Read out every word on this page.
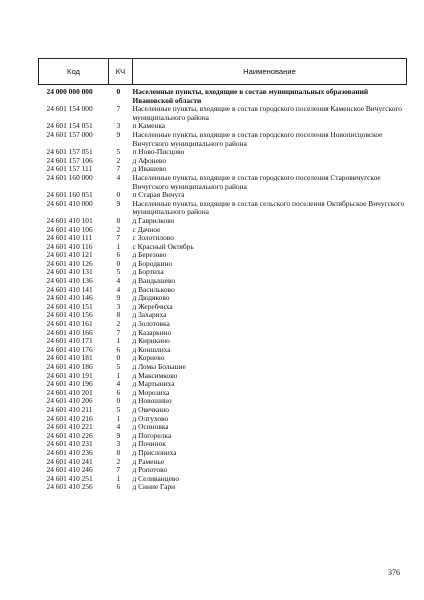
Код	КЧ	Наименование
24 000 000 000	0	Населенные пункты, входящие в состав муниципальных образований Ивановской области
24 601 154 000	7	Населенные пункты, входящие в состав городского поселения Каменское Вичугского муниципального района
24 601 154 051	3	п Каменка
24 601 157 000	9	Населенные пункты, входящие в состав городского поселения Новописцовское Вичугского муниципального района
24 601 157 051	5	п Ново-Писцово
24 601 157 106	2	д Афонево
24 601 157 111	7	д Ивашево
24 601 160 000	4	Населенные пункты, входящие в состав городского поселения Старовичугское Вичугского муниципального района
24 601 160 051	0	п Старая Вичуга
24 601 410 000	9	Населенные пункты, входящие в состав сельского поселения Октябрьское Вичугского муниципального района
24 601 410 101	8	д Гаврилково
24 601 410 106	2	с Дачное
24 601 410 111	7	с Золотилово
24 601 410 116	1	с Красный Октябрь
24 601 410 121	6	д Березово
24 601 410 126	0	д Бородкино
24 601 410 131	5	д Бортиха
24 601 410 136	4	д Вандышево
24 601 410 141	4	д Васильково
24 601 410 146	9	д Дюдяково
24 601 410 151	3	д Жеребчиха
24 601 410 156	8	д Захариха
24 601 410 161	2	д Золотовка
24 601 410 166	7	д Казаркино
24 601 410 171	1	д Кирикино
24 601 410 176	6	д Коншлиха
24 601 410 181	0	д Корнево
24 601 410 186	5	д Ломы Большие
24 601 410 191	1	д Максимково
24 601 410 196	4	д Мартыниха
24 601 410 201	6	д Морозиха
24 601 410 206	0	д Новошино
24 601 410 211	5	д Овечкино
24 601 410 216	1	д Олтухово
24 601 410 221	4	д Осиновка
24 601 410 226	9	д Погорелка
24 601 410 231	3	д Починок
24 601 410 236	8	д Прислониха
24 601 410 241	2	д Раменье
24 601 410 246	7	д Ропотово
24 601 410 251	1	д Селиванцево
24 601 410 256	6	д Синие Гари
376
